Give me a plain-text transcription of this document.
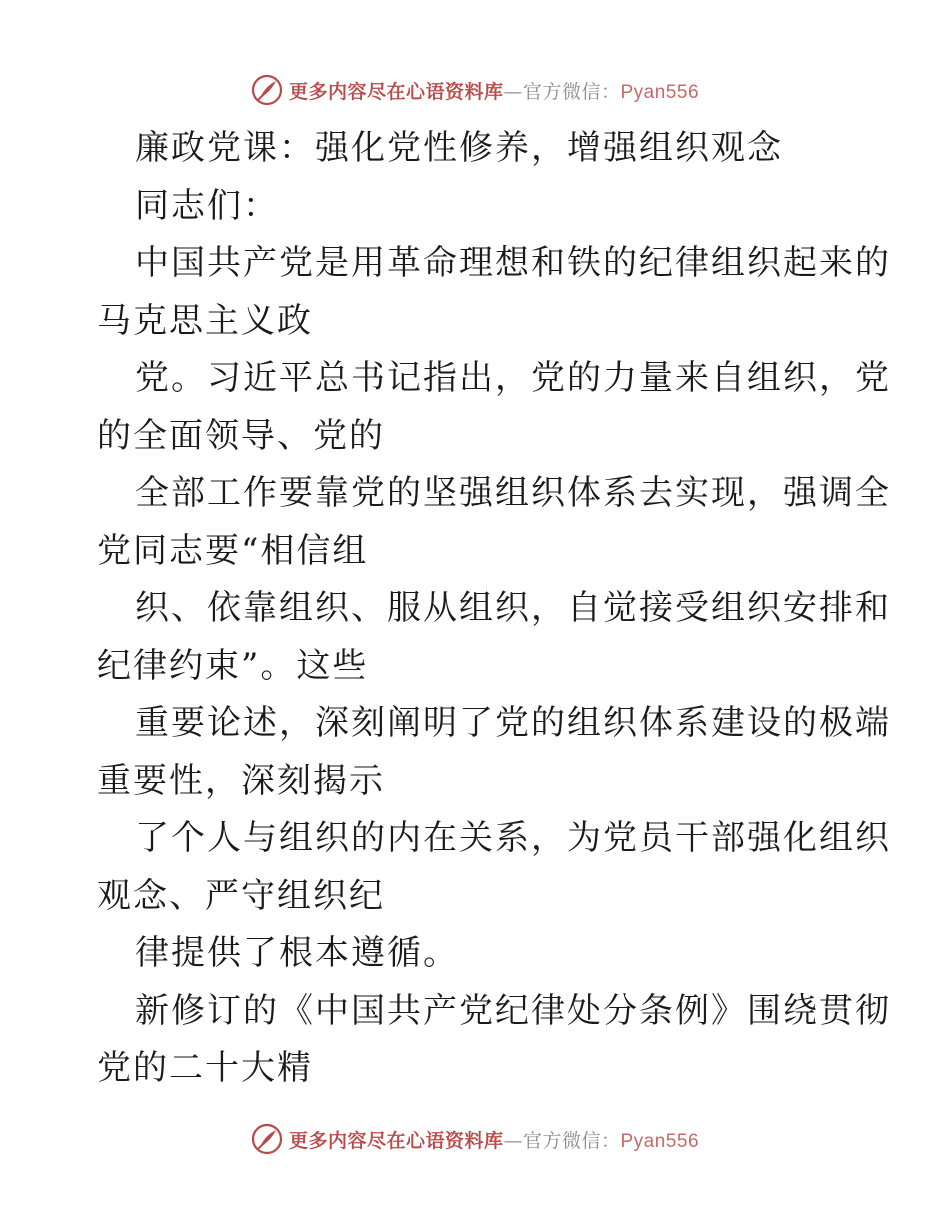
更多内容尽在心语资料库—官方微信：Pyan556
廉政党课：强化党性修养，增强组织观念
同志们：
中国共产党是用革命理想和铁的纪律组织起来的
马克思主义政
党。习近平总书记指出，党的力量来自组织，党
的全面领导、党的
全部工作要靠党的坚强组织体系去实现，强调全
党同志要“相信组
织、依靠组织、服从组织，自觉接受组织安排和
纪律约束”。这些
重要论述，深刻阐明了党的组织体系建设的极端
重要性，深刻揭示
了个人与组织的内在关系，为党员干部强化组织
观念、严守组织纪
律提供了根本遵循。
新修订的《中国共产党纪律处分条例》围绕贯彻
党的二十大精
更多内容尽在心语资料库—官方微信：Pyan556
